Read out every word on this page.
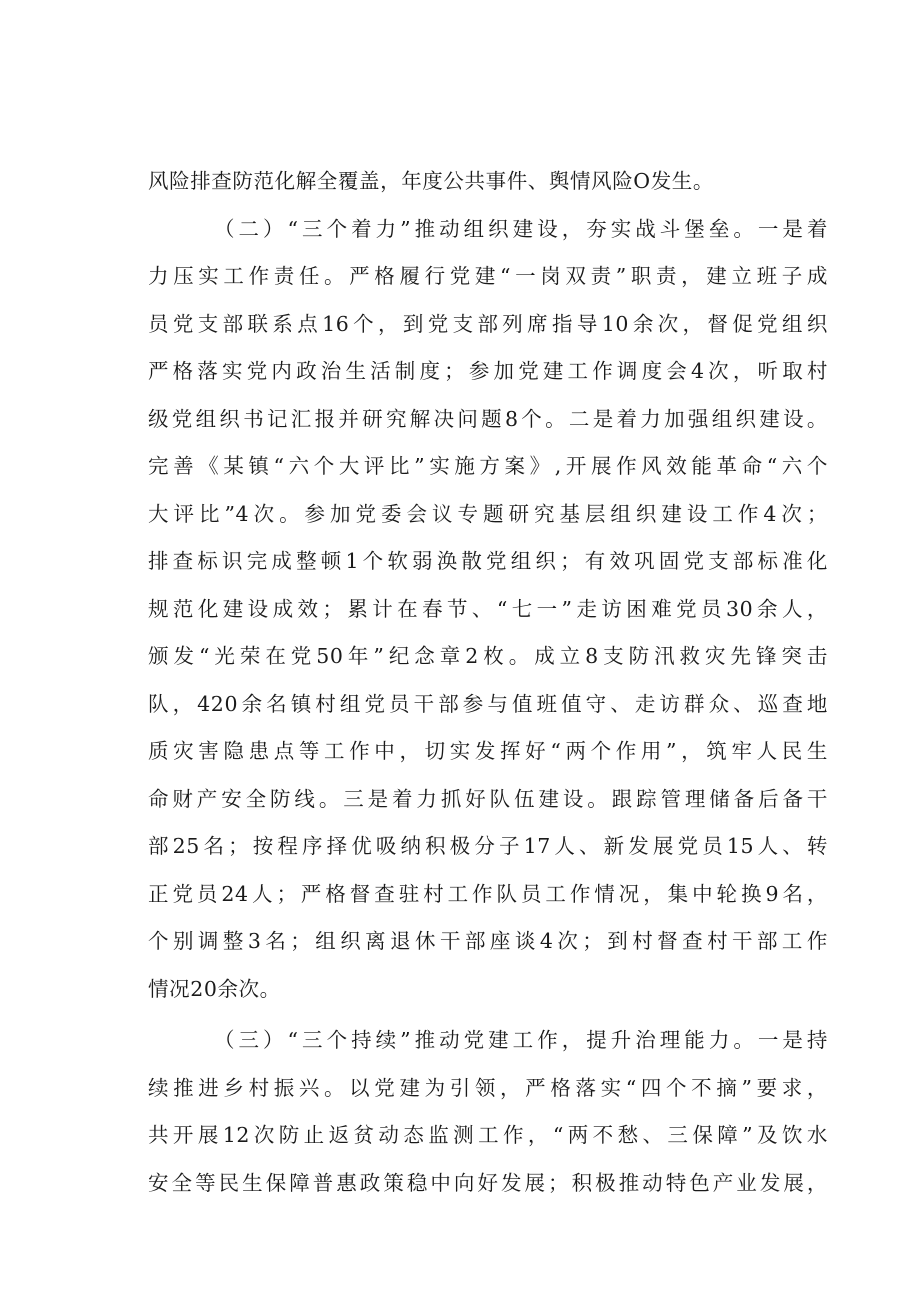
风险排查防范化解全覆盖，年度公共事件、舆情风险O发生。
（二）“三个着力”推动组织建设，夯实战斗堡垒。一是着
力压实工作责任。严格履行党建“一岗双责”职责，建立班子成
员党支部联系点16个，到党支部列席指导10余次，督促党组织
严格落实党内政治生活制度；参加党建工作调度会4次，听取村
级党组织书记汇报并研究解决问题8个。二是着力加强组织建设。
完善《某镇“六个大评比”实施方案》,开展作风效能革命“六个
大评比”4次。参加党委会议专题研究基层组织建设工作4次；
排查标识完成整顿1个软弱涣散党组织；有效巩固党支部标准化
规范化建设成效；累计在春节、“七一”走访困难党员30余人，
颁发“光荣在党50年”纪念章2枚。成立8支防汛救灾先锋突击
队，420余名镇村组党员干部参与值班值守、走访群众、巡查地
质灾害隐患点等工作中，切实发挥好“两个作用”，筑牢人民生
命财产安全防线。三是着力抓好队伍建设。跟踪管理储备后备干
部25名；按程序择优吸纳积极分子17人、新发展党员15人、转
正党员24人；严格督查驻村工作队员工作情况，集中轮换9名，
个别调整3名；组织离退休干部座谈4次；到村督查村干部工作
情况20余次。
（三）“三个持续”推动党建工作，提升治理能力。一是持
续推进乡村振兴。以党建为引领，严格落实“四个不摘”要求，
共开展12次防止返贫动态监测工作，“两不愁、三保障”及饮水
安全等民生保障普惠政策稳中向好发展；积极推动特色产业发展，
